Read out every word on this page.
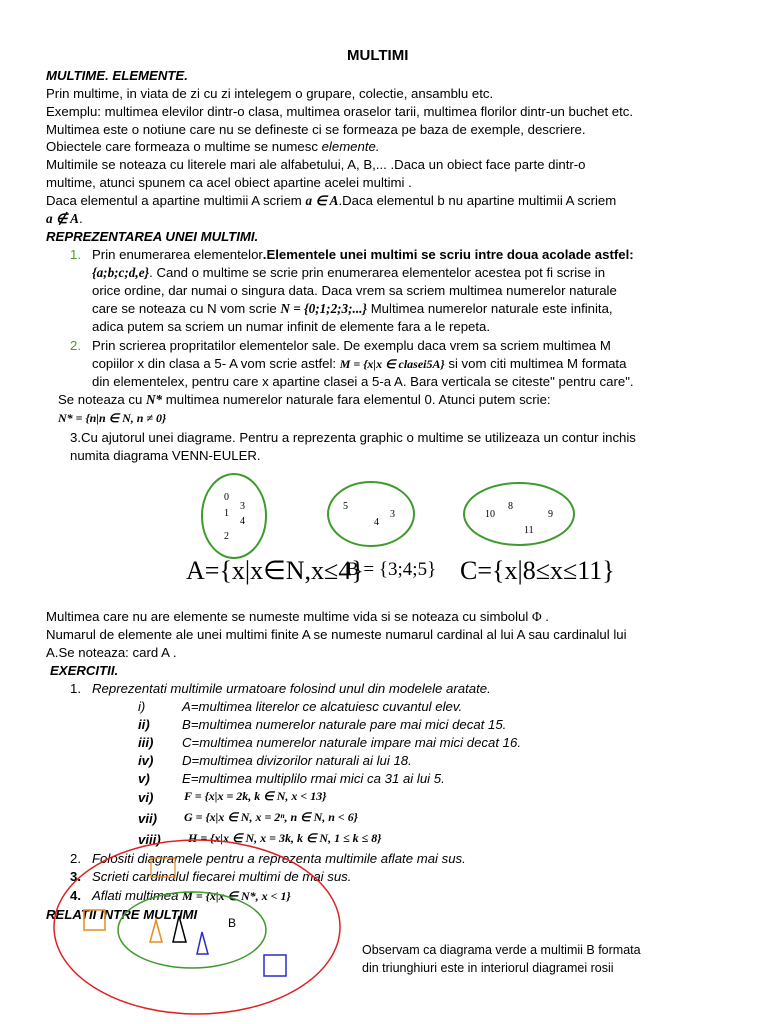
MULTIMI
MULTIME. ELEMENTE.
Prin multime, in viata de zi cu zi intelegem o grupare, colectie, ansamblu etc.
Exemplu: multimea elevilor dintr-o clasa, multimea oraselor tarii, multimea florilor dintr-un buchet etc.
Multimea este o notiune care nu se defineste ci se formeaza pe baza de exemple, descriere.
Obiectele care formeaza o multime se numesc elemente.
Multimile se noteaza cu literele mari ale alfabetului, A, B,... .Daca un obiect face parte dintr-o
multime, atunci spunem ca acel obiect apartine acelei multimi .
Daca elementul a apartine multimii A scriem a ∈ A.Daca elementul b nu apartine multimii A scriem
a ∉ A.
REPREZENTAREA UNEI MULTIMI.
1. Prin enumerarea elementelor.Elementele unei multimi se scriu intre doua acolade astfel:
{a;b;c;d,e}. Cand o multime se scrie prin enumerarea elementelor acestea pot fi scrise in
orice ordine, dar numai o singura data. Daca vrem sa scriem multimea numerelor naturale
care se noteaza cu N vom scrie N = {0;1;2;3;...} Multimea numerelor naturale este infinita,
adica putem sa scriem un numar infinit de elemente fara a le repeta.
2. Prin scrierea propritatilor elementelor sale. De exemplu daca vrem sa scriem multimea M
copiilor x din clasa a 5- A vom scrie astfel: M = {x|x ∈ clasei5A} si vom citi multimea M formata
din elementelex, pentru care x apartine clasei a 5-a A. Bara verticala se citeste" pentru care".
Se noteaza cu N* multimea numerelor naturale fara elementul 0. Atunci putem scrie:
N* = {n|n ∈ N, n ≠ 0}
3.Cu ajutorul unei diagrame. Pentru a reprezenta graphic o multime se utilizeaza un contur inchis
numita diagrama VENN-EULER.
0
3
1
4
2
5
4
3	10
8
9
11
A={x|x∈N,x≤4}
B = {3;4;5} C={x|8≤x≤11}
Multimea care nu are elemente se numeste multime vida si se noteaza cu simbolul Φ .
Numarul de elemente ale unei multimi finite A se numeste numarul cardinal al lui A sau cardinalul lui
A.Se noteaza: card A .
EXERCITII.
1. Reprezentati multimile urmatoare folosind unul din modelele aratate.
i)	A=multimea literelor ce alcatuiesc cuvantul elev.
ii) B=multimea numerelor naturale pare mai mici decat 15.
iii) C=multimea numerelor naturale impare mai mici decat 16.
iv) D=multimea divizorilor naturali ai lui 18.
v) E=multimea multiplilo rmai mici ca 31 ai lui 5.
vi)	F = {x|x = 2k, k ∈ N, x < 13}
vii) G = {x|x ∈ N, x = 2ⁿ, n ∈ N, n < 6}
viii) H = {x|x ∈ N, x = 3k, k ∈ N, 1 ≤ k ≤ 8}
2. Folositi diagramele pentru a reprezenta multimile aflate mai sus.
3. Scrieti cardinalul fiecarei multimi de mai sus.
4. Aflati multimea M = {x|x ∈ N*, x < 1}
RELATII INTRE MULTIMI
B
Observam ca diagrama verde a multimii B formata
din triunghiuri este in interiorul diagramei rosii
